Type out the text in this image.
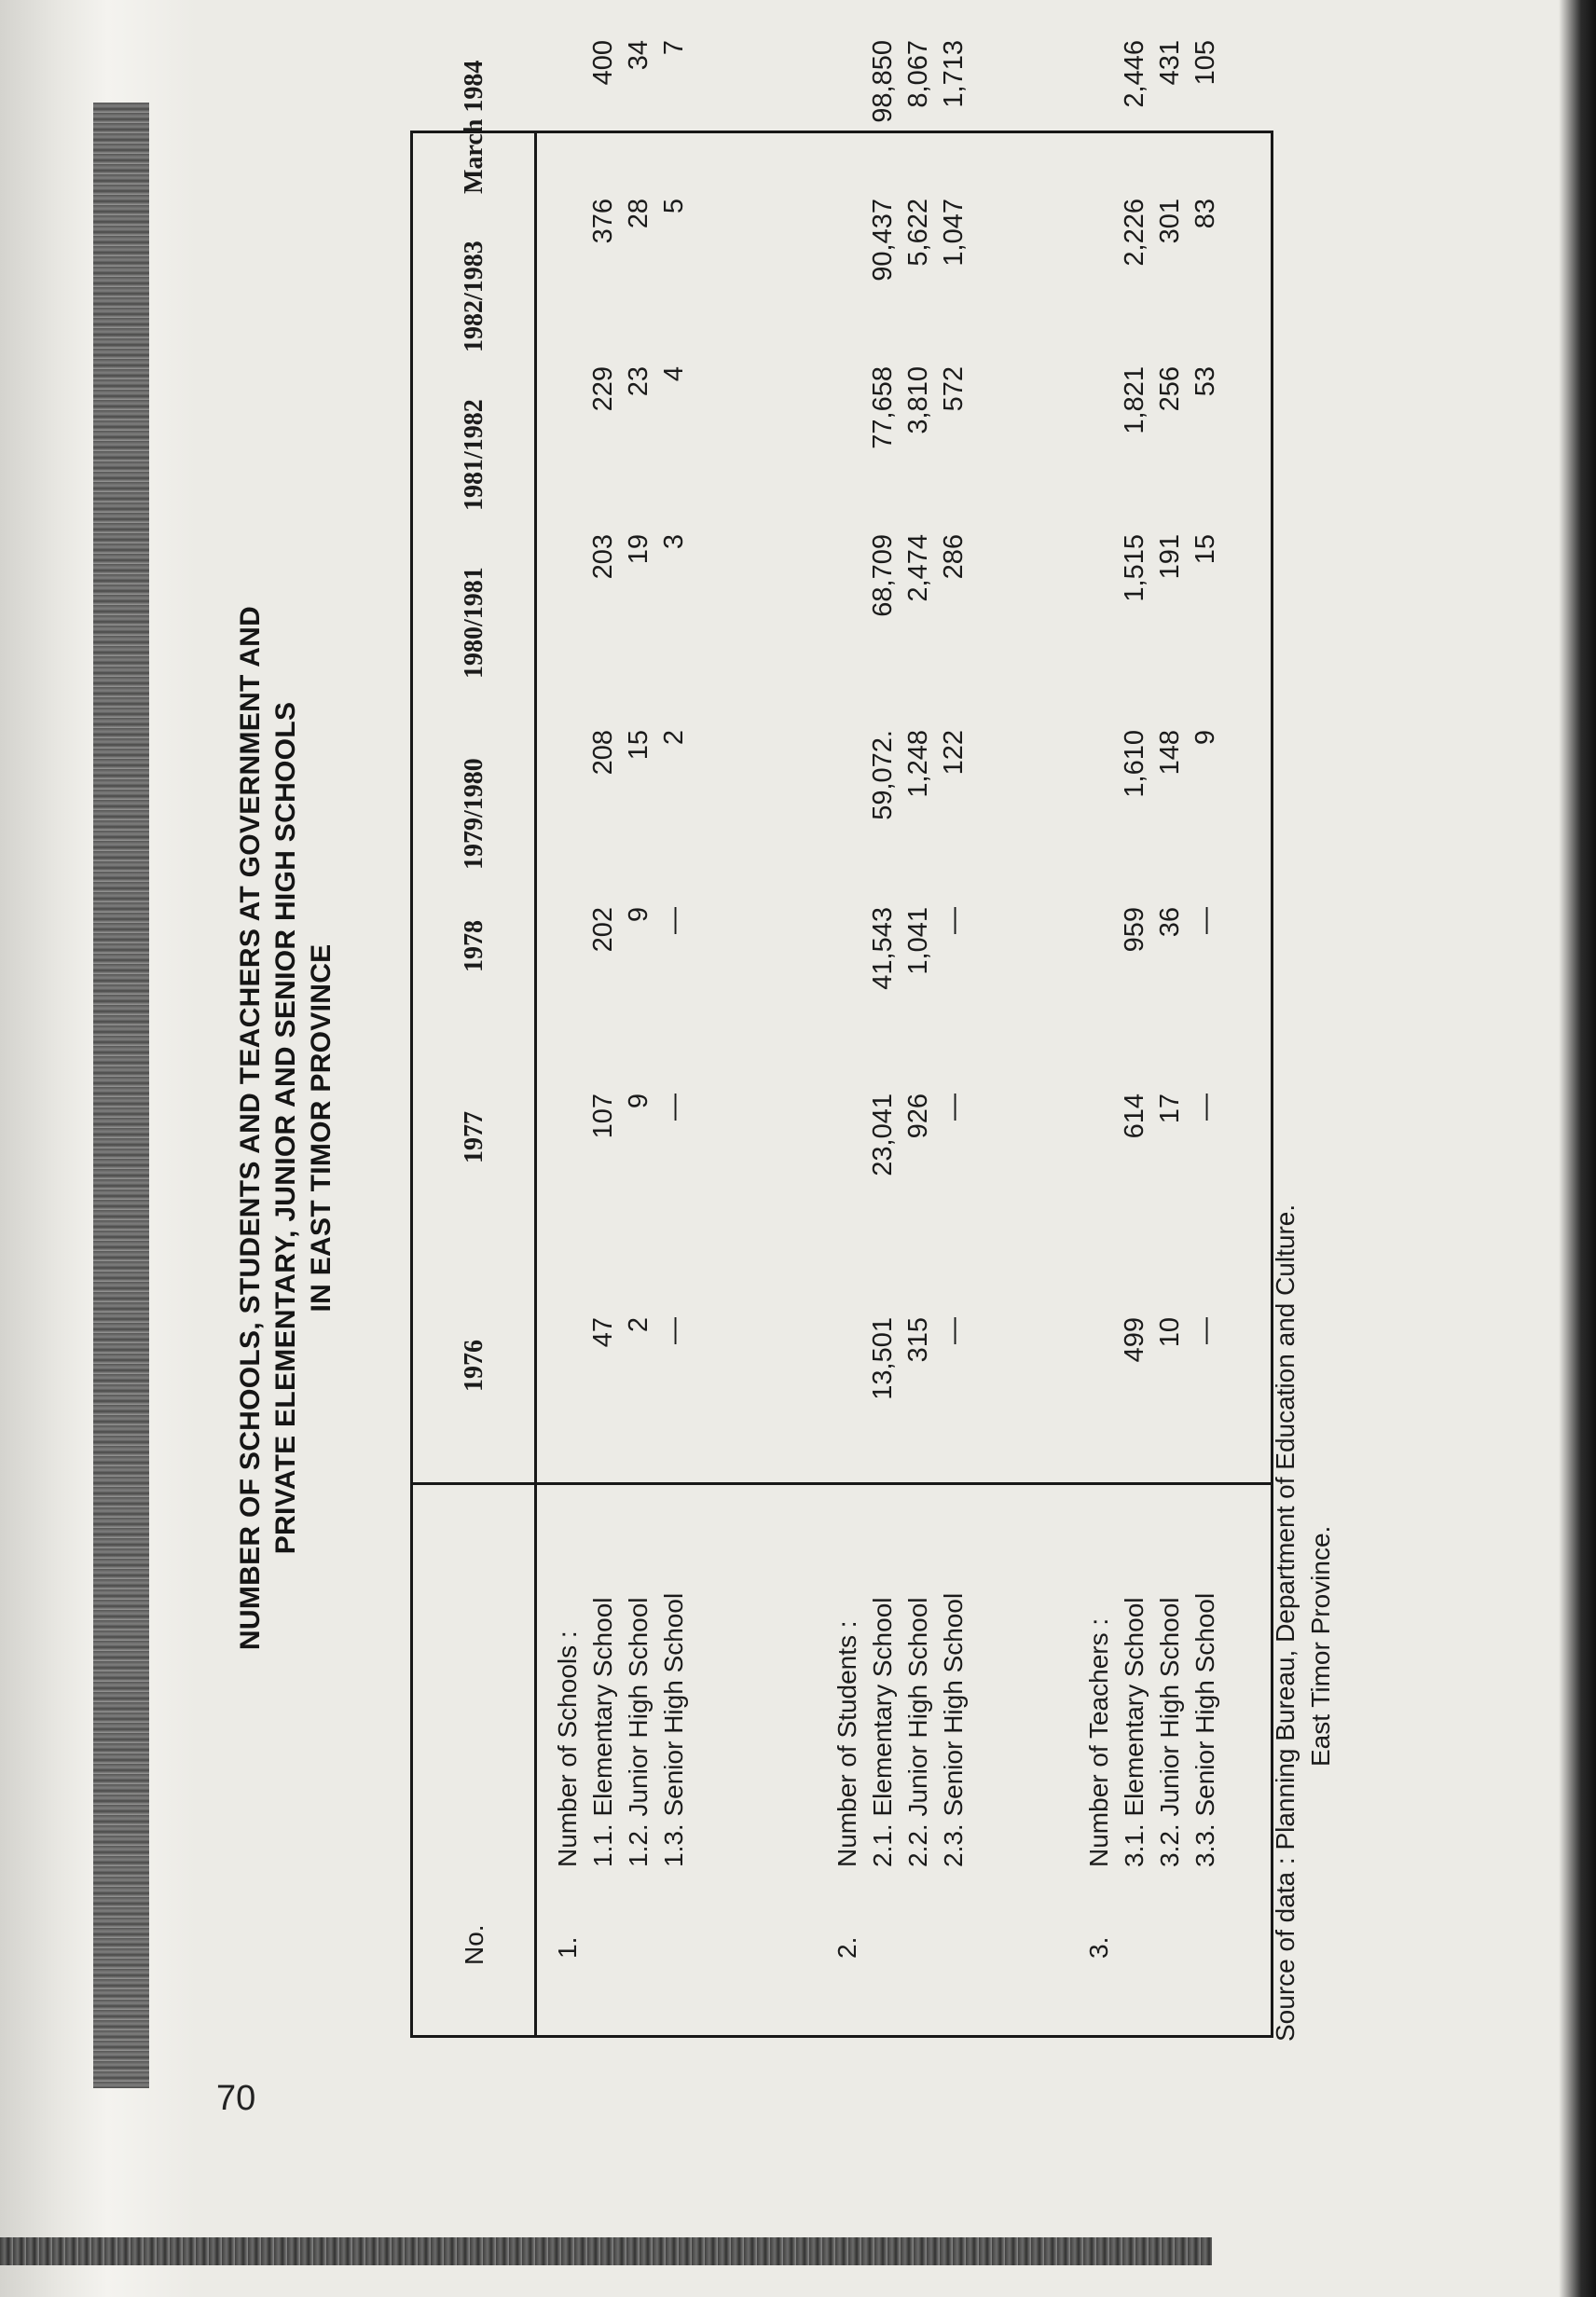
70
NUMBER OF SCHOOLS, STUDENTS AND TEACHERS AT GOVERNMENT AND PRIVATE ELEMENTARY, JUNIOR AND SENIOR HIGH SCHOOLS IN EAST TIMOR PROVINCE
No.
1976
1977
1978
1979/1980
1980/1981
1981/1982
1982/1983
March 1984
1.
Number of Schools : 1.1. Elementary School
47
107
202
208
203
229
376
400
1.2. Junior High School
2
9
9
15
19
23
28
34
1.3. Senior High School
—
—
—
2
3
4
5
7
2.
Number of Students : 2.1. Elementary School
13,501
23,041
41,543
59,072.
68,709
77,658
90,437
98,850
2.2. Junior High School
315
926
1,041
1,248
2,474
3,810
5,622
8,067
2.3. Senior High School
—
—
—
122
286
572
1,047
1,713
3.
Number of Teachers : 3.1. Elementary School
499
614
959
1,610
1,515
1,821
2,226
2,446
3.2. Junior High School
10
17
36
148
191
256
301
431
3.3. Senior High School
—
—
—
9
15
53
83
105
Source of data : Planning Bureau, Department of Education and Culture. East Timor Province.
